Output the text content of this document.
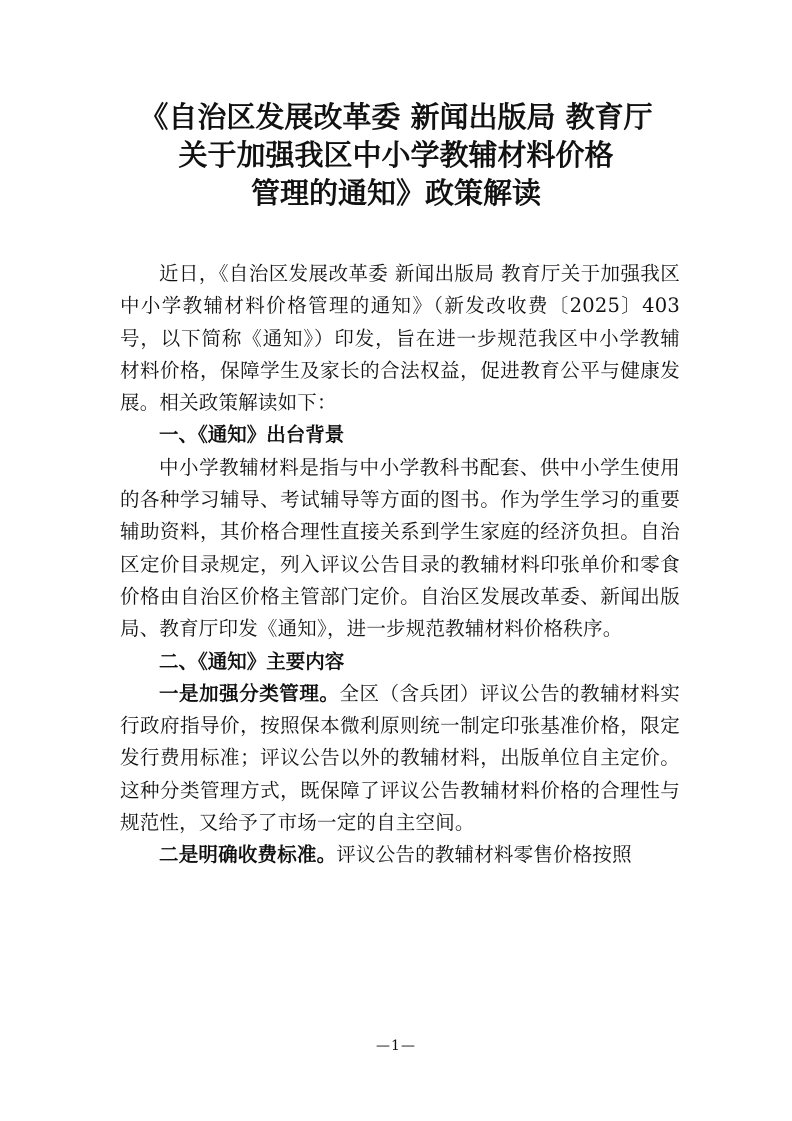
《自治区发展改革委 新闻出版局 教育厅
关于加强我区中小学教辅材料价格
管理的通知》政策解读

近日，《自治区发展改革委 新闻出版局 教育厅关于加强我区中小学教辅材料价格管理的通知》（新发改收费〔2025〕403号，以下简称《通知》）印发，旨在进一步规范我区中小学教辅材料价格，保障学生及家长的合法权益，促进教育公平与健康发展。相关政策解读如下：

一、《通知》出台背景

中小学教辅材料是指与中小学教科书配套、供中小学生使用的各种学习辅导、考试辅导等方面的图书。作为学生学习的重要辅助资料，其价格合理性直接关系到学生家庭的经济负担。自治区定价目录规定，列入评议公告目录的教辅材料印张单价和零食价格由自治区价格主管部门定价。自治区发展改革委、新闻出版局、教育厅印发《通知》，进一步规范教辅材料价格秩序。

二、《通知》主要内容

一是加强分类管理。全区（含兵团）评议公告的教辅材料实行政府指导价，按照保本微利原则统一制定印张基准价格，限定发行费用标准；评议公告以外的教辅材料，出版单位自主定价。这种分类管理方式，既保障了评议公告教辅材料价格的合理性与规范性，又给予了市场一定的自主空间。

二是明确收费标准。评议公告的教辅材料零售价格按照

—1—
